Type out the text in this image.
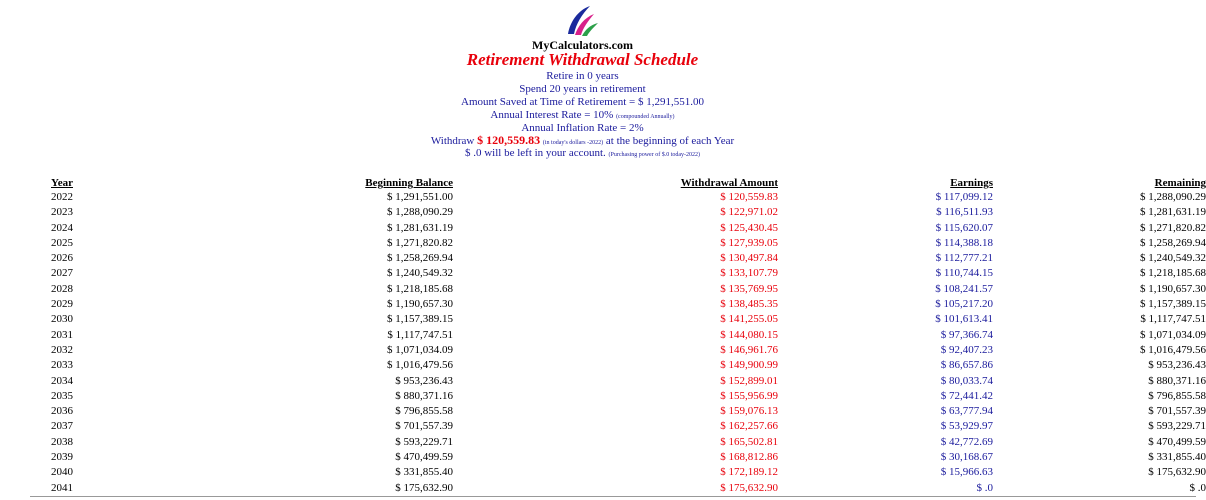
MyCalculators.com
Retirement Withdrawal Schedule
Retire in 0 years
Spend 20 years in retirement
Amount Saved at Time of Retirement = $ 1,291,551.00
Annual Interest Rate = 10% (compounded Annually)
Annual Inflation Rate = 2%
Withdraw $ 120,559.83 (in today's dollars -2022) at the beginning of each Year
$ .0 will be left in your account. (Purchasing power of $.0 today-2022)
Year	Beginning Balance	Withdrawal Amount	Earnings	Remaining
2022	$ 1,291,551.00	$ 120,559.83	$ 117,099.12	$ 1,288,090.29
2023	$ 1,288,090.29	$ 122,971.02	$ 116,511.93	$ 1,281,631.19
2024	$ 1,281,631.19	$ 125,430.45	$ 115,620.07	$ 1,271,820.82
2025	$ 1,271,820.82	$ 127,939.05	$ 114,388.18	$ 1,258,269.94
2026	$ 1,258,269.94	$ 130,497.84	$ 112,777.21	$ 1,240,549.32
2027	$ 1,240,549.32	$ 133,107.79	$ 110,744.15	$ 1,218,185.68
2028	$ 1,218,185.68	$ 135,769.95	$ 108,241.57	$ 1,190,657.30
2029	$ 1,190,657.30	$ 138,485.35	$ 105,217.20	$ 1,157,389.15
2030	$ 1,157,389.15	$ 141,255.05	$ 101,613.41	$ 1,117,747.51
2031	$ 1,117,747.51	$ 144,080.15	$ 97,366.74	$ 1,071,034.09
2032	$ 1,071,034.09	$ 146,961.76	$ 92,407.23	$ 1,016,479.56
2033	$ 1,016,479.56	$ 149,900.99	$ 86,657.86	$ 953,236.43
2034	$ 953,236.43	$ 152,899.01	$ 80,033.74	$ 880,371.16
2035	$ 880,371.16	$ 155,956.99	$ 72,441.42	$ 796,855.58
2036	$ 796,855.58	$ 159,076.13	$ 63,777.94	$ 701,557.39
2037	$ 701,557.39	$ 162,257.66	$ 53,929.97	$ 593,229.71
2038	$ 593,229.71	$ 165,502.81	$ 42,772.69	$ 470,499.59
2039	$ 470,499.59	$ 168,812.86	$ 30,168.67	$ 331,855.40
2040	$ 331,855.40	$ 172,189.12	$ 15,966.63	$ 175,632.90
2041	$ 175,632.90	$ 175,632.90	$ .0	$ .0
